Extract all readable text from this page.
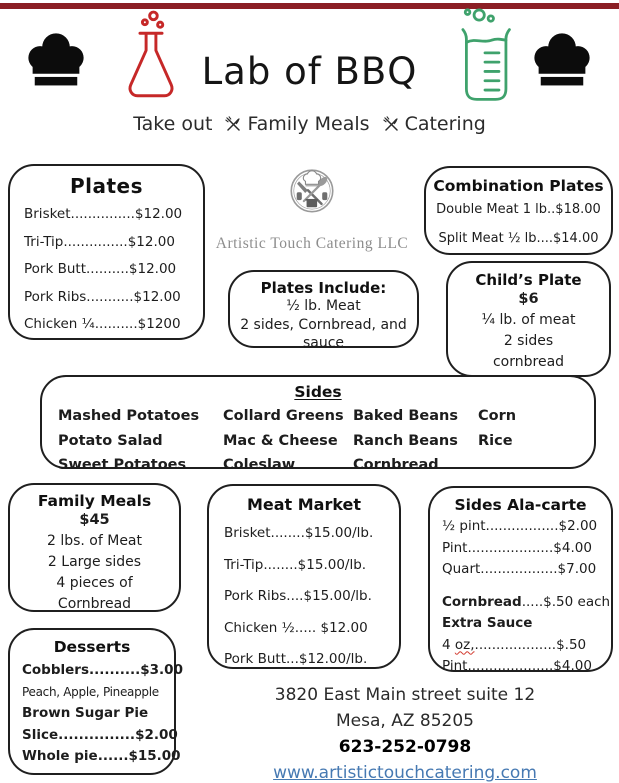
Lab of BBQ
Take out Family Meals Catering
Plates
Brisket...............$12.00
Tri-Tip...............$12.00
Pork Butt..........$12.00
Pork Ribs...........$12.00
Chicken ¼..........$1200
Artistic Touch Catering LLC
Combination Plates
Double Meat 1 lb..$18.00
Split Meat ½ lb....$14.00
Plates Include:
½ lb. Meat
2 sides, Cornbread, and
sauce
Child’s Plate
$6
¼ lb. of meat
2 sides
cornbread
Sides
Mashed Potatoes
Potato Salad
Sweet Potatoes
Collard Greens
Mac & Cheese
Coleslaw
Baked Beans
Ranch Beans
Cornbread
Corn
Rice
Family Meals
$45
2 lbs. of Meat
2 Large sides
4 pieces of
Cornbread
Meat Market
Brisket........$15.00/lb.
Tri-Tip........$15.00/lb.
Pork Ribs....$15.00/lb.
Chicken ½..... $12.00
Pork Butt...$12.00/lb.
Sides Ala-carte
½ pint.................$2.00
Pint....................$4.00
Quart..................$7.00
Cornbread.....$.50 each
Extra Sauce
4 oz,...................$.50
Pint....................$4.00
Desserts
Cobblers..........$3.00
Peach, Apple, Pineapple
Brown Sugar Pie
Slice...............$2.00
Whole pie......$15.00
3820 East Main street suite 12
Mesa, AZ 85205
623-252-0798
www.artistictouchcatering.com
